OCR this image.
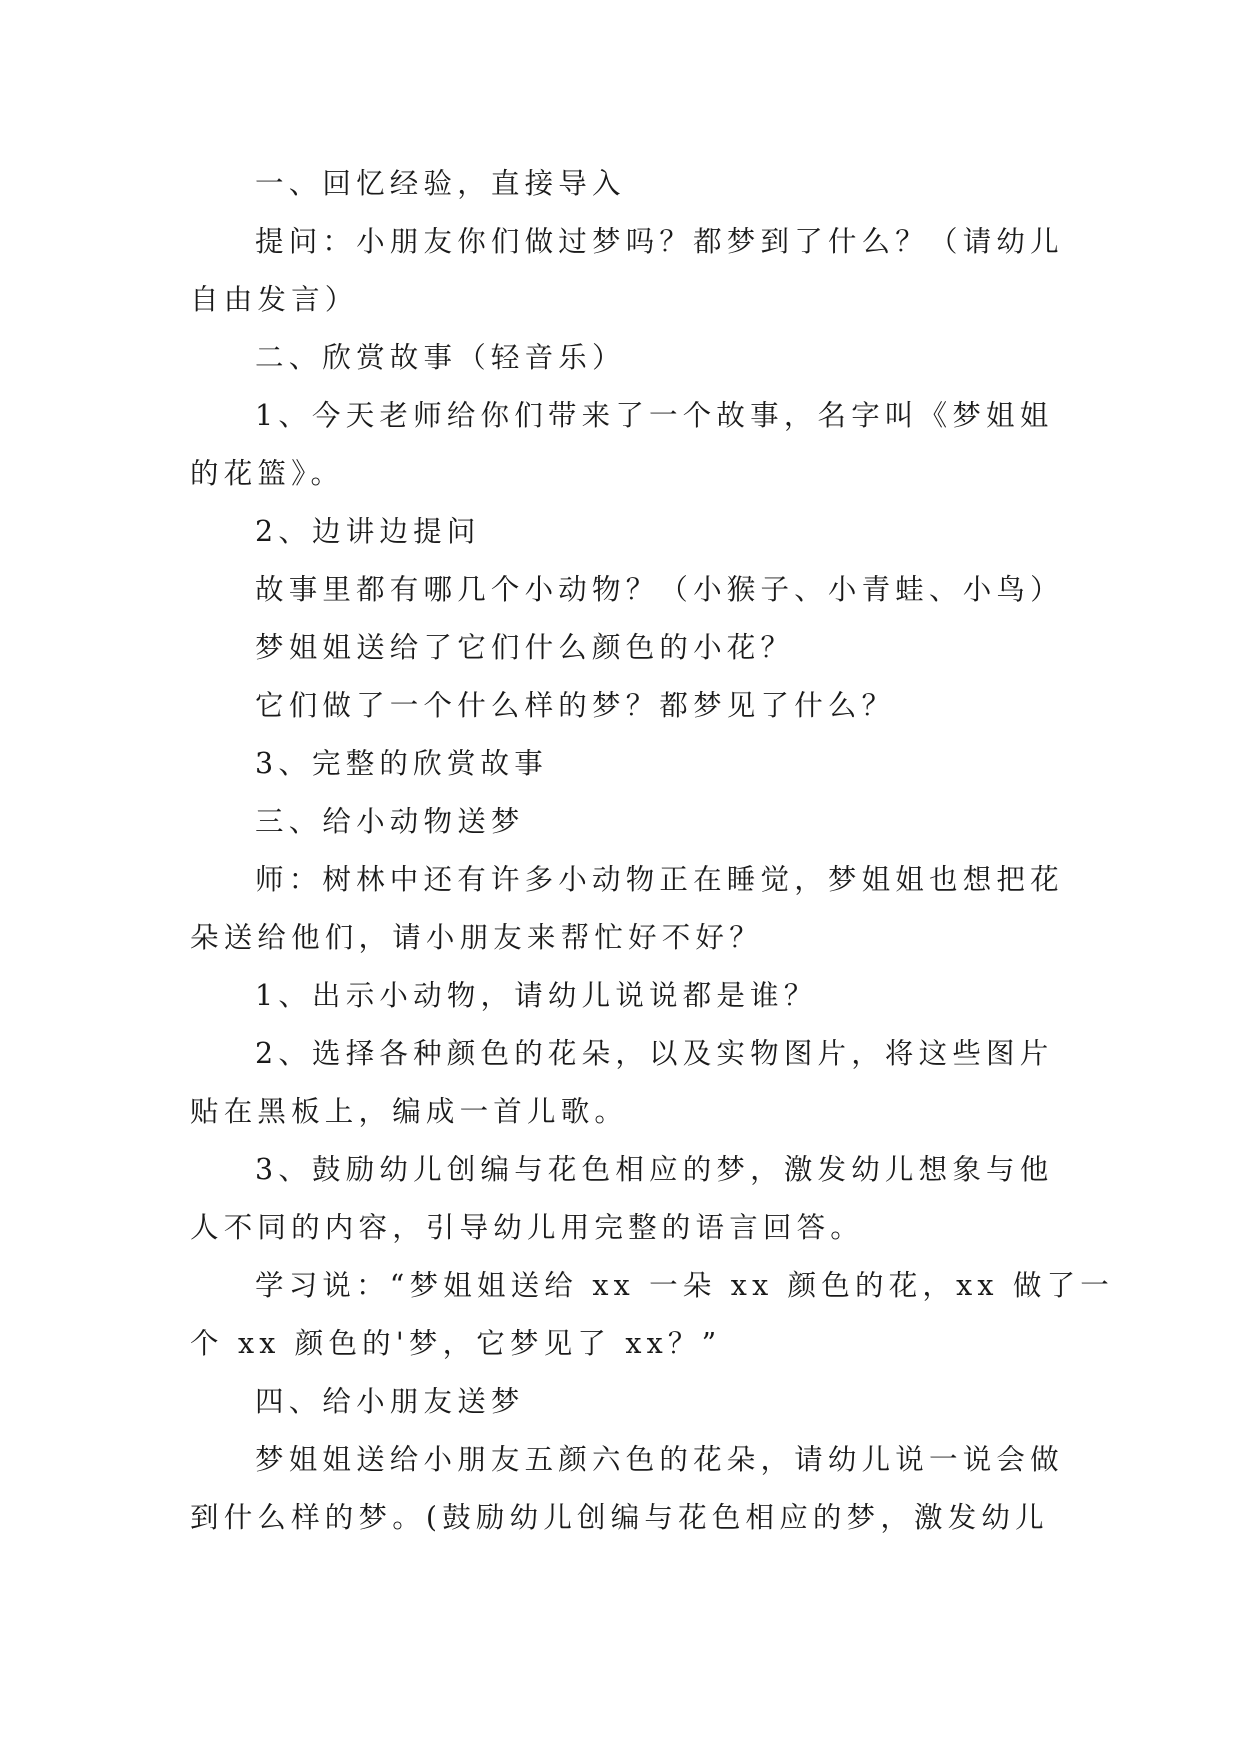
一、回忆经验，直接导入

提问：小朋友你们做过梦吗？都梦到了什么？（请幼儿

自由发言）

二、欣赏故事（轻音乐）

1、今天老师给你们带来了一个故事，名字叫《梦姐姐

的花篮》。

2、边讲边提问

故事里都有哪几个小动物？（小猴子、小青蛙、小鸟）

梦姐姐送给了它们什么颜色的小花？

它们做了一个什么样的梦？都梦见了什么？

3、完整的欣赏故事

三、给小动物送梦

师：树林中还有许多小动物正在睡觉，梦姐姐也想把花

朵送给他们，请小朋友来帮忙好不好？

1、出示小动物，请幼儿说说都是谁？

2、选择各种颜色的花朵，以及实物图片，将这些图片

贴在黑板上，编成一首儿歌。

3、鼓励幼儿创编与花色相应的梦，激发幼儿想象与他

人不同的内容，引导幼儿用完整的语言回答。

学习说：“梦姐姐送给 xx 一朵 xx 颜色的花，xx 做了一

个 xx 颜色的'梦，它梦见了 xx？”

四、给小朋友送梦

梦姐姐送给小朋友五颜六色的花朵，请幼儿说一说会做

到什么样的梦。(鼓励幼儿创编与花色相应的梦，激发幼儿
